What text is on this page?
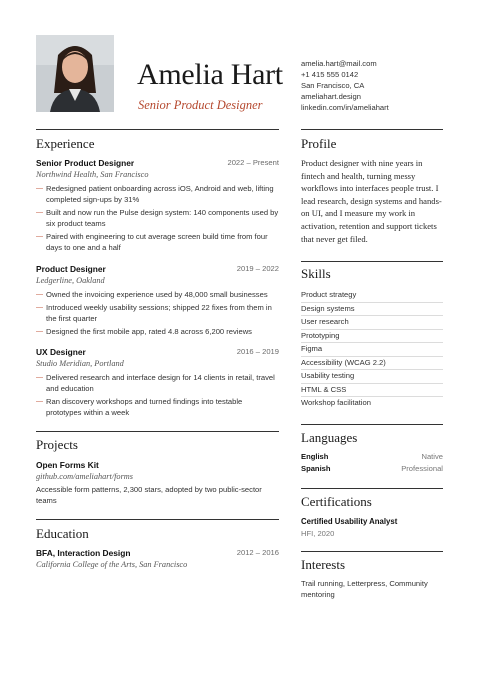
Amelia Hart
Senior Product Designer
amelia.hart@mail.com
+1 415 555 0142
San Francisco, CA
ameliahart.design
linkedin.com/in/ameliahart
Experience
Senior Product Designer	2022 – Present
Northwind Health, San Francisco
— Redesigned patient onboarding across iOS, Android and web, lifting completed sign-ups by 31%
— Built and now run the Pulse design system: 140 components used by six product teams
— Paired with engineering to cut average screen build time from four days to one and a half
Product Designer	2019 – 2022
Ledgerline, Oakland
— Owned the invoicing experience used by 48,000 small businesses
— Introduced weekly usability sessions; shipped 22 fixes from them in the first quarter
— Designed the first mobile app, rated 4.8 across 6,200 reviews
UX Designer	2016 – 2019
Studio Meridian, Portland
— Delivered research and interface design for 14 clients in retail, travel and education
— Ran discovery workshops and turned findings into testable prototypes within a week
Projects
Open Forms Kit
github.com/ameliahart/forms
Accessible form patterns, 2,300 stars, adopted by two public-sector teams
Education
BFA, Interaction Design	2012 – 2016
California College of the Arts, San Francisco
Profile
Product designer with nine years in fintech and health, turning messy workflows into interfaces people trust. I lead research, design systems and hands-on UI, and I measure my work in activation, retention and support tickets that never get filed.
Skills
Product strategy
Design systems
User research
Prototyping
Figma
Accessibility (WCAG 2.2)
Usability testing
HTML & CSS
Workshop facilitation
Languages
English	Native
Spanish	Professional
Certifications
Certified Usability Analyst
HFI, 2020
Interests
Trail running, Letterpress, Community mentoring
